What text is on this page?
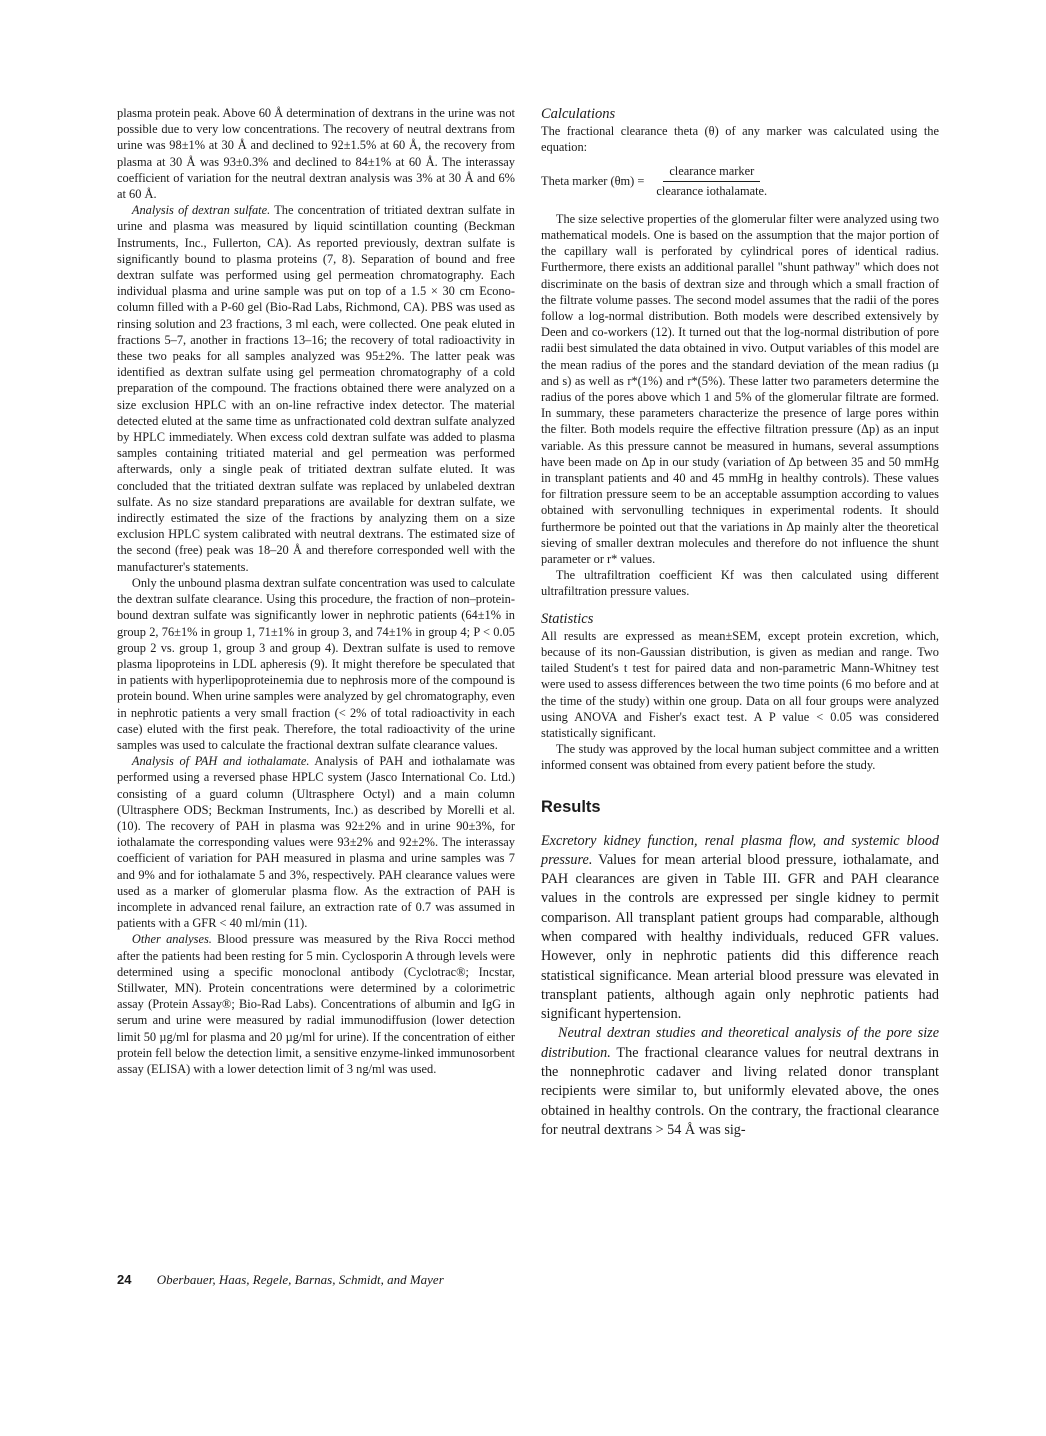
plasma protein peak. Above 60 Å determination of dextrans in the urine was not possible due to very low concentrations. The recovery of neutral dextrans from urine was 98±1% at 30 Å and declined to 92±1.5% at 60 Å, the recovery from plasma at 30 Å was 93±0.3% and declined to 84±1% at 60 Å. The interassay coefficient of variation for the neutral dextran analysis was 3% at 30 Å and 6% at 60 Å.

Analysis of dextran sulfate. The concentration of tritiated dextran sulfate in urine and plasma was measured by liquid scintillation counting (Beckman Instruments, Inc., Fullerton, CA). As reported previously, dextran sulfate is significantly bound to plasma proteins (7, 8). Separation of bound and free dextran sulfate was performed using gel permeation chromatography. Each individual plasma and urine sample was put on top of a 1.5 × 30 cm Econo-column filled with a P-60 gel (Bio-Rad Labs, Richmond, CA). PBS was used as rinsing solution and 23 fractions, 3 ml each, were collected. One peak eluted in fractions 5–7, another in fractions 13–16; the recovery of total radioactivity in these two peaks for all samples analyzed was 95±2%. The latter peak was identified as dextran sulfate using gel permeation chromatography of a cold preparation of the compound. The fractions obtained there were analyzed on a size exclusion HPLC with an on-line refractive index detector. The material detected eluted at the same time as unfractionated cold dextran sulfate analyzed by HPLC immediately. When excess cold dextran sulfate was added to plasma samples containing tritiated material and gel permeation was performed afterwards, only a single peak of tritiated dextran sulfate eluted. It was concluded that the tritiated dextran sulfate was replaced by unlabeled dextran sulfate. As no size standard preparations are available for dextran sulfate, we indirectly estimated the size of the fractions by analyzing them on a size exclusion HPLC system calibrated with neutral dextrans. The estimated size of the second (free) peak was 18–20 Å and therefore corresponded well with the manufacturer's statements.

Only the unbound plasma dextran sulfate concentration was used to calculate the dextran sulfate clearance. Using this procedure, the fraction of non–protein-bound dextran sulfate was significantly lower in nephrotic patients (64±1% in group 2, 76±1% in group 1, 71±1% in group 3, and 74±1% in group 4; P < 0.05 group 2 vs. group 1, group 3 and group 4). Dextran sulfate is used to remove plasma lipoproteins in LDL apheresis (9). It might therefore be speculated that in patients with hyperlipoproteinemia due to nephrosis more of the compound is protein bound. When urine samples were analyzed by gel chromatography, even in nephrotic patients a very small fraction (< 2% of total radioactivity in each case) eluted with the first peak. Therefore, the total radioactivity of the urine samples was used to calculate the fractional dextran sulfate clearance values.

Analysis of PAH and iothalamate. Analysis of PAH and iothalamate was performed using a reversed phase HPLC system (Jasco International Co. Ltd.) consisting of a guard column (Ultrasphere Octyl) and a main column (Ultrasphere ODS; Beckman Instruments, Inc.) as described by Morelli et al. (10). The recovery of PAH in plasma was 92±2% and in urine 90±3%, for iothalamate the corresponding values were 93±2% and 92±2%. The interassay coefficient of variation for PAH measured in plasma and urine samples was 7 and 9% and for iothalamate 5 and 3%, respectively. PAH clearance values were used as a marker of glomerular plasma flow. As the extraction of PAH is incomplete in advanced renal failure, an extraction rate of 0.7 was assumed in patients with a GFR < 40 ml/min (11).

Other analyses. Blood pressure was measured by the Riva Rocci method after the patients had been resting for 5 min. Cyclosporin A through levels were determined using a specific monoclonal antibody (Cyclotrac®; Incstar, Stillwater, MN). Protein concentrations were determined by a colorimetric assay (Protein Assay®; Bio-Rad Labs). Concentrations of albumin and IgG in serum and urine were measured by radial immunodiffusion (lower detection limit 50 µg/ml for plasma and 20 µg/ml for urine). If the concentration of either protein fell below the detection limit, a sensitive enzyme-linked immunosorbent assay (ELISA) with a lower detection limit of 3 ng/ml was used.

Calculations

The fractional clearance theta (θ) of any marker was calculated using the equation:

Theta marker $(\theta m) = \frac{\text{clearance marker}}{\text{clearance iothalamate.}}$

The size selective properties of the glomerular filter were analyzed using two mathematical models. One is based on the assumption that the major portion of the capillary wall is perforated by cylindrical pores of identical radius. Furthermore, there exists an additional parallel "shunt pathway" which does not discriminate on the basis of dextran size and through which a small fraction of the filtrate volume passes. The second model assumes that the radii of the pores follow a log-normal distribution. Both models were described extensively by Deen and co-workers (12). It turned out that the log-normal distribution of pore radii best simulated the data obtained in vivo. Output variables of this model are the mean radius of the pores and the standard deviation of the mean radius (µ and s) as well as r*(1%) and r*(5%). These latter two parameters determine the radius of the pores above which 1 and 5% of the glomerular filtrate are formed. In summary, these parameters characterize the presence of large pores within the filter. Both models require the effective filtration pressure (Δp) as an input variable. As this pressure cannot be measured in humans, several assumptions have been made on Δp in our study (variation of Δp between 35 and 50 mmHg in transplant patients and 40 and 45 mmHg in healthy controls). These values for filtration pressure seem to be an acceptable assumption according to values obtained with servonulling techniques in experimental rodents. It should furthermore be pointed out that the variations in Δp mainly alter the theoretical sieving of smaller dextran molecules and therefore do not influence the shunt parameter or r* values.

The ultrafiltration coefficient Kf was then calculated using different ultrafiltration pressure values.

Statistics

All results are expressed as mean±SEM, except protein excretion, which, because of its non-Gaussian distribution, is given as median and range. Two tailed Student's t test for paired data and non-parametric Mann-Whitney test were used to assess differences between the two time points (6 mo before and at the time of the study) within one group. Data on all four groups were analyzed using ANOVA and Fisher's exact test. A P value < 0.05 was considered statistically significant.

The study was approved by the local human subject committee and a written informed consent was obtained from every patient before the study.

Results

Excretory kidney function, renal plasma flow, and systemic blood pressure. Values for mean arterial blood pressure, iothalamate, and PAH clearances are given in Table III. GFR and PAH clearance values in the controls are expressed per single kidney to permit comparison. All transplant patient groups had comparable, although when compared with healthy individuals, reduced GFR values. However, only in nephrotic patients did this difference reach statistical significance. Mean arterial blood pressure was elevated in transplant patients, although again only nephrotic patients had significant hypertension.

Neutral dextran studies and theoretical analysis of the pore size distribution. The fractional clearance values for neutral dextrans in the nonnephrotic cadaver and living related donor transplant recipients were similar to, but uniformly elevated above, the ones obtained in healthy controls. On the contrary, the fractional clearance for neutral dextrans > 54 Å was sig-

24 Oberbauer, Haas, Regele, Barnas, Schmidt, and Mayer
